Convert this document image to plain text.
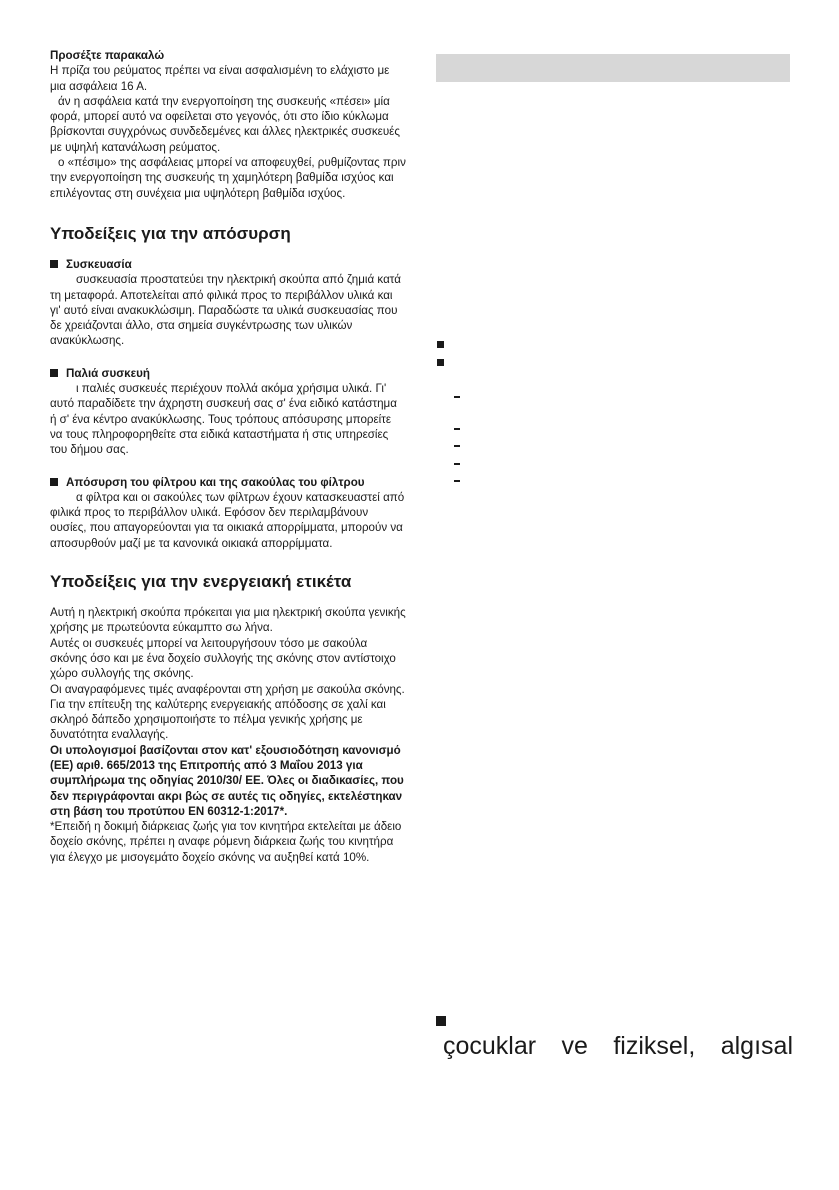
Προσέξτε παρακαλώ

Η πρίζα του ρεύματος πρέπει να είναι ασφαλισμένη το ελάχιστο με μια ασφάλεια 16 Α.

άν η ασφάλεια κατά την ενεργοποίηση της συσκευής «πέσει» μία φορά, μπορεί αυτό να οφείλεται στο γεγονός, ότι στο ίδιο κύκλωμα βρίσκονται συγχρόνως συνδεδεμένες και άλλες ηλεκτρικές συσκευές με υψηλή κατανάλωση ρεύματος.

ο «πέσιμο» της ασφάλειας μπορεί να αποφευχθεί, ρυθμίζοντας πριν την ενεργοποίηση της συσκευής τη χαμηλότερη βαθμίδα ισχύος και επιλέγοντας στη συνέχεια μια υψηλότερη βαθμίδα ισχύος.

Υποδείξεις για την απόσυρση

Συσκευασία

συσκευασία προστατεύει την ηλεκτρική σκούπα από ζημιά κατά τη μεταφορά. Αποτελείται από φιλικά προς το περιβάλλον υλικά και γι' αυτό είναι ανακυκλώσιμη. Παραδώστε τα υλικά συσκευασίας που δε χρειάζονται άλλο, στα σημεία συγκέντρωσης των υλικών ανακύκλωσης.

Παλιά συσκευή

ι παλιές συσκευές περιέχουν πολλά ακόμα χρήσιμα υλικά. Γι' αυτό παραδίδετε την άχρηστη συσκευή σας σ' ένα ειδικό κατάστημα ή σ' ένα κέντρο ανακύκλωσης. Τους τρόπους απόσυρσης μπορείτε να τους πληροφορηθείτε στα ειδικά καταστήματα ή στις υπηρεσίες του δήμου σας.

Απόσυρση του φίλτρου και της σακούλας του φίλτρου

α φίλτρα και οι σακούλες των φίλτρων έχουν κατασκευαστεί από φιλικά προς το περιβάλλον υλικά. Εφόσον δεν περιλαμβάνουν ουσίες, που απαγορεύονται για τα οικιακά απορρίμματα, μπορούν να αποσυρθούν μαζί με τα κανονικά οικιακά απορρίμματα.

Υποδείξεις για την ενεργειακή ετικέτα

Αυτή η ηλεκτρική σκούπα πρόκειται για μια ηλεκτρική σκούπα γενικής χρήσης με πρωτεύοντα εύκαμπτο σω λήνα.

Αυτές οι συσκευές μπορεί να λειτουργήσουν τόσο με σακούλα σκόνης όσο και με ένα δοχείο συλλογής της σκόνης στον αντίστοιχο χώρο συλλογής της σκόνης.

Οι αναγραφόμενες τιμές αναφέρονται στη χρήση με σακούλα σκόνης.

Για την επίτευξη της καλύτερης ενεργειακής απόδοσης σε χαλί και σκληρό δάπεδο χρησιμοποιήστε το πέλμα γενικής χρήσης με δυνατότητα εναλλαγής.

Οι υπολογισμοί βασίζονται στον κατ' εξουσιοδότηση κανονισμό (ΕΕ) αριθ. 665/2013 της Επιτροπής από 3 Μαΐου 2013 για συμπλήρωμα της οδηγίας 2010/30/ ΕΕ. Όλες οι διαδικασίες, που δεν περιγράφονται ακρι βώς σε αυτές τις οδηγίες, εκτελέστηκαν στη βάση του προτύπου EN 60312-1:2017*.

*Επειδή η δοκιμή διάρκειας ζωής για τον κινητήρα εκτελείται με άδειο δοχείο σκόνης, πρέπει η αναφε ρόμενη διάρκεια ζωής του κινητήρα για έλεγχο με μισογεμάτο δοχείο σκόνης να αυξηθεί κατά 10%.

çocuklar ve fiziksel, algısal
